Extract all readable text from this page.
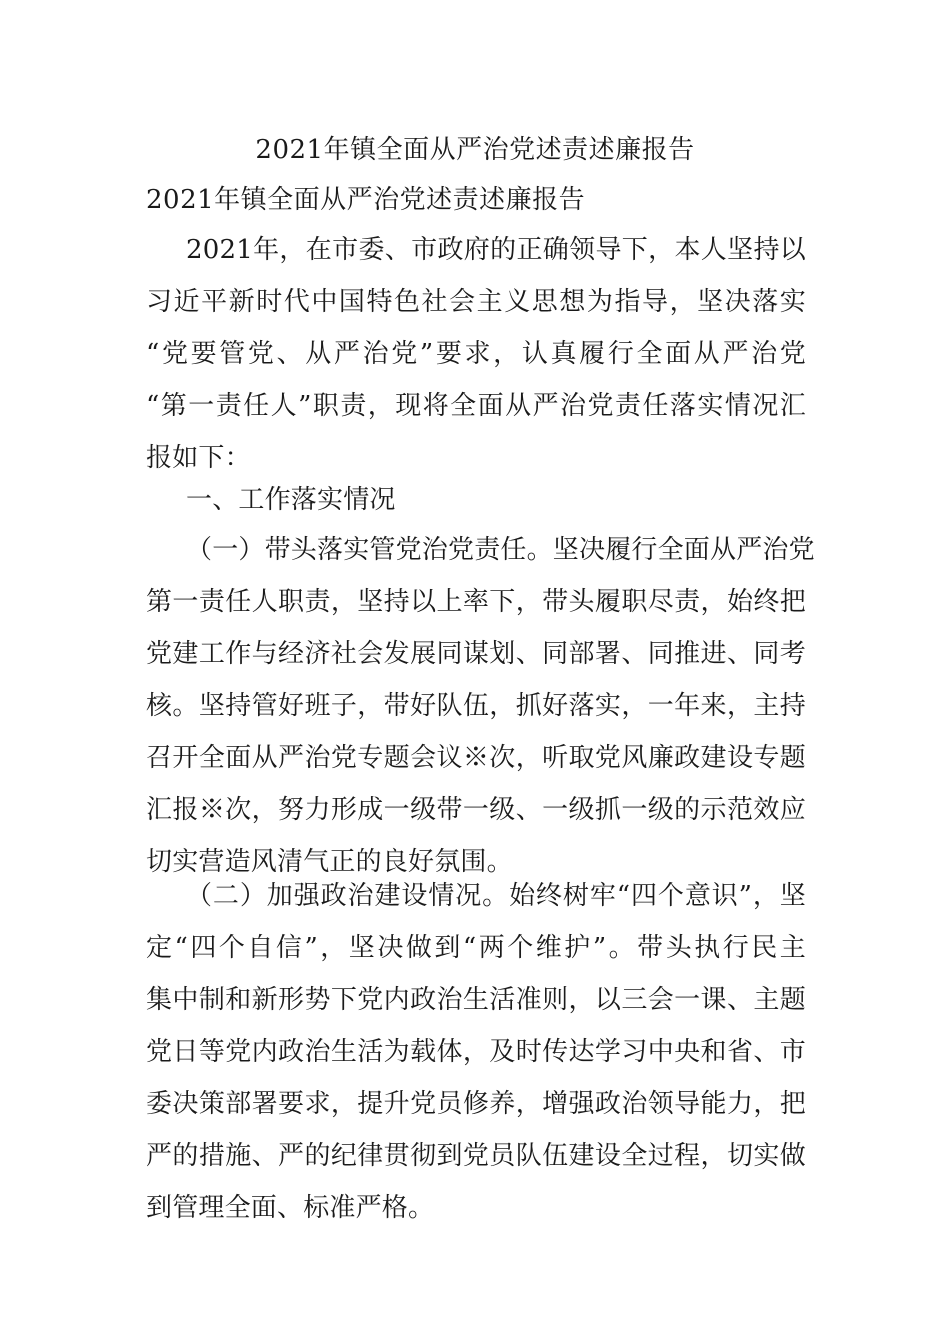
2021年镇全面从严治党述责述廉报告
2021年镇全面从严治党述责述廉报告
2021年，在市委、市政府的正确领导下，本人坚持以
习近平新时代中国特色社会主义思想为指导，坚决落实
“党要管党、从严治党”要求，认真履行全面从严治党
“第一责任人”职责，现将全面从严治党责任落实情况汇
报如下：
一、工作落实情况
（一）带头落实管党治党责任。坚决履行全面从严治党
第一责任人职责，坚持以上率下，带头履职尽责，始终把
党建工作与经济社会发展同谋划、同部署、同推进、同考
核。坚持管好班子，带好队伍，抓好落实，一年来，主持
召开全面从严治党专题会议※次，听取党风廉政建设专题
汇报※次，努力形成一级带一级、一级抓一级的示范效应
切实营造风清气正的良好氛围。
（二）加强政治建设情况。始终树牢“四个意识”，坚
定“四个自信”，坚决做到“两个维护”。带头执行民主
集中制和新形势下党内政治生活准则，以三会一课、主题
党日等党内政治生活为载体，及时传达学习中央和省、市
委决策部署要求，提升党员修养，增强政治领导能力，把
严的措施、严的纪律贯彻到党员队伍建设全过程，切实做
到管理全面、标准严格。
